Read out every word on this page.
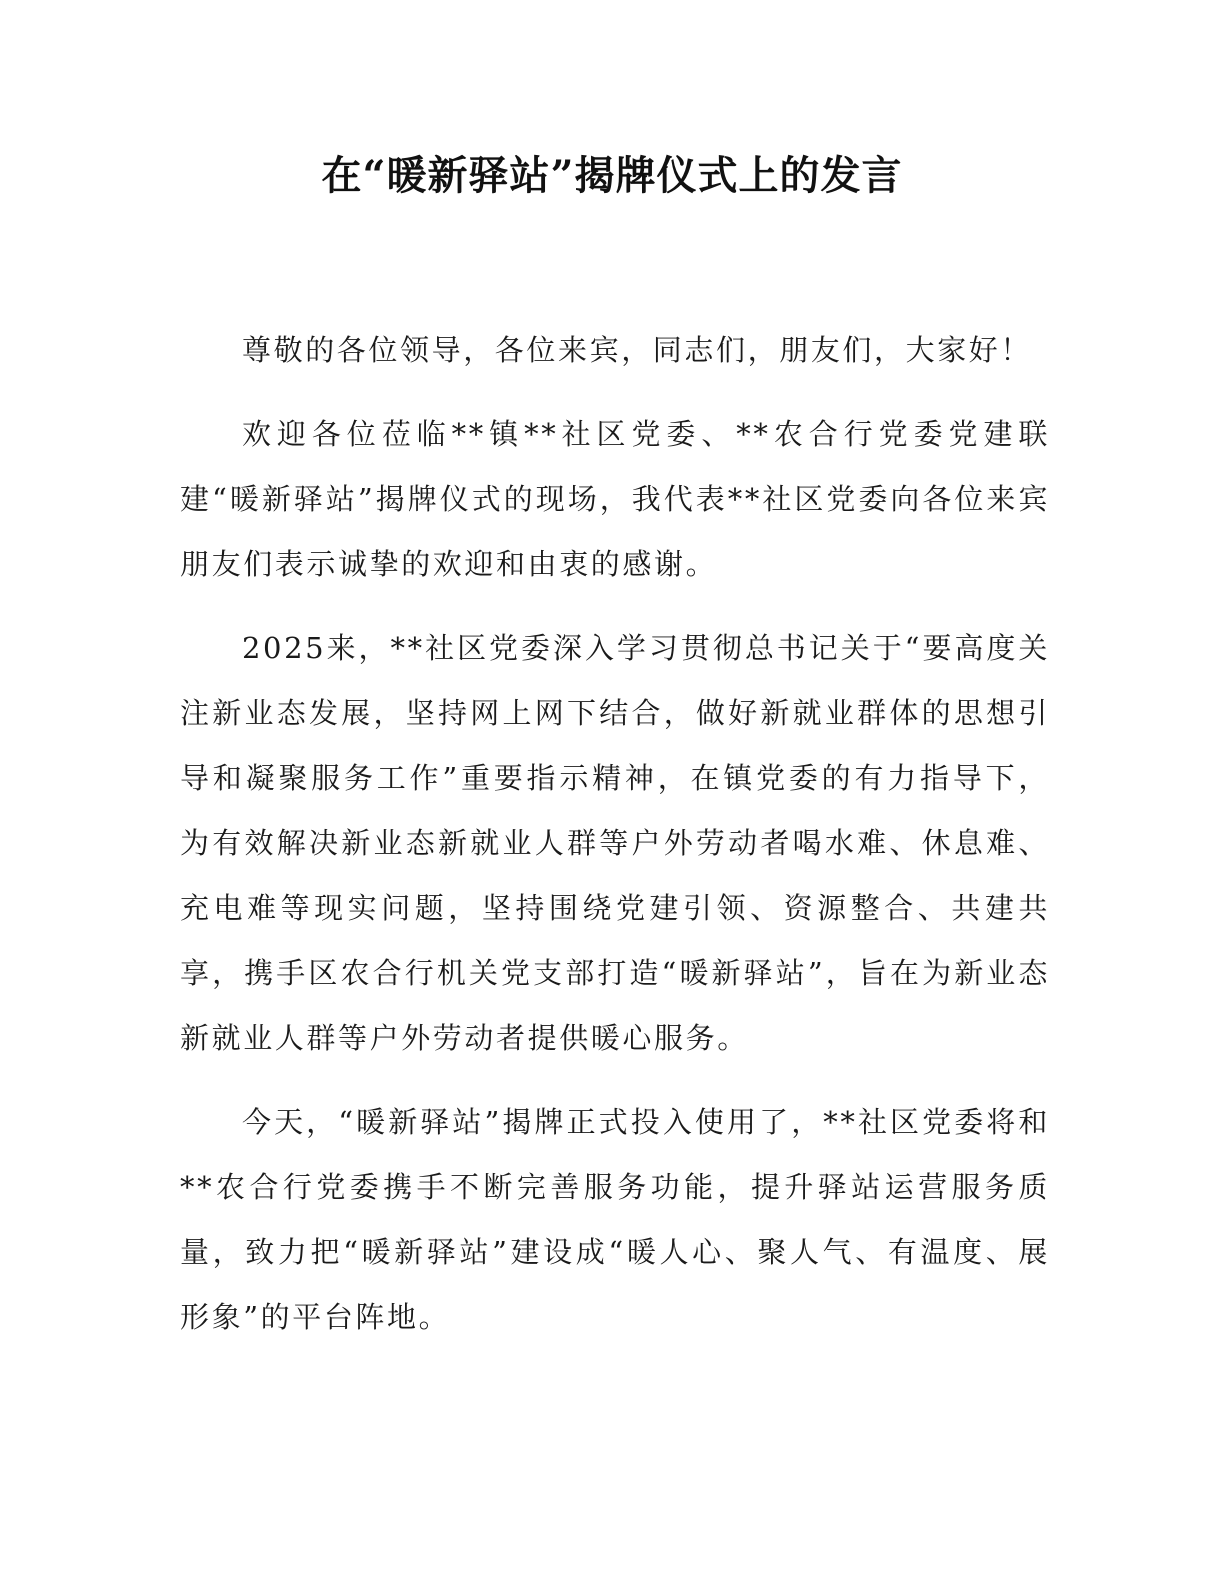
在“暖新驿站”揭牌仪式上的发言

尊敬的各位领导，各位来宾，同志们，朋友们，大家好！

欢迎各位莅临**镇**社区党委、**农合行党委党建联建“暖新驿站”揭牌仪式的现场，我代表**社区党委向各位来宾朋友们表示诚挚的欢迎和由衷的感谢。

2025来，**社区党委深入学习贯彻总书记关于“要高度关注新业态发展，坚持网上网下结合，做好新就业群体的思想引导和凝聚服务工作”重要指示精神，在镇党委的有力指导下，为有效解决新业态新就业人群等户外劳动者喝水难、休息难、充电难等现实问题，坚持围绕党建引领、资源整合、共建共享，携手区农合行机关党支部打造“暖新驿站”，旨在为新业态新就业人群等户外劳动者提供暖心服务。

今天，“暖新驿站”揭牌正式投入使用了，**社区党委将和**农合行党委携手不断完善服务功能，提升驿站运营服务质量，致力把“暖新驿站”建设成“暖人心、聚人气、有温度、展形象”的平台阵地。
